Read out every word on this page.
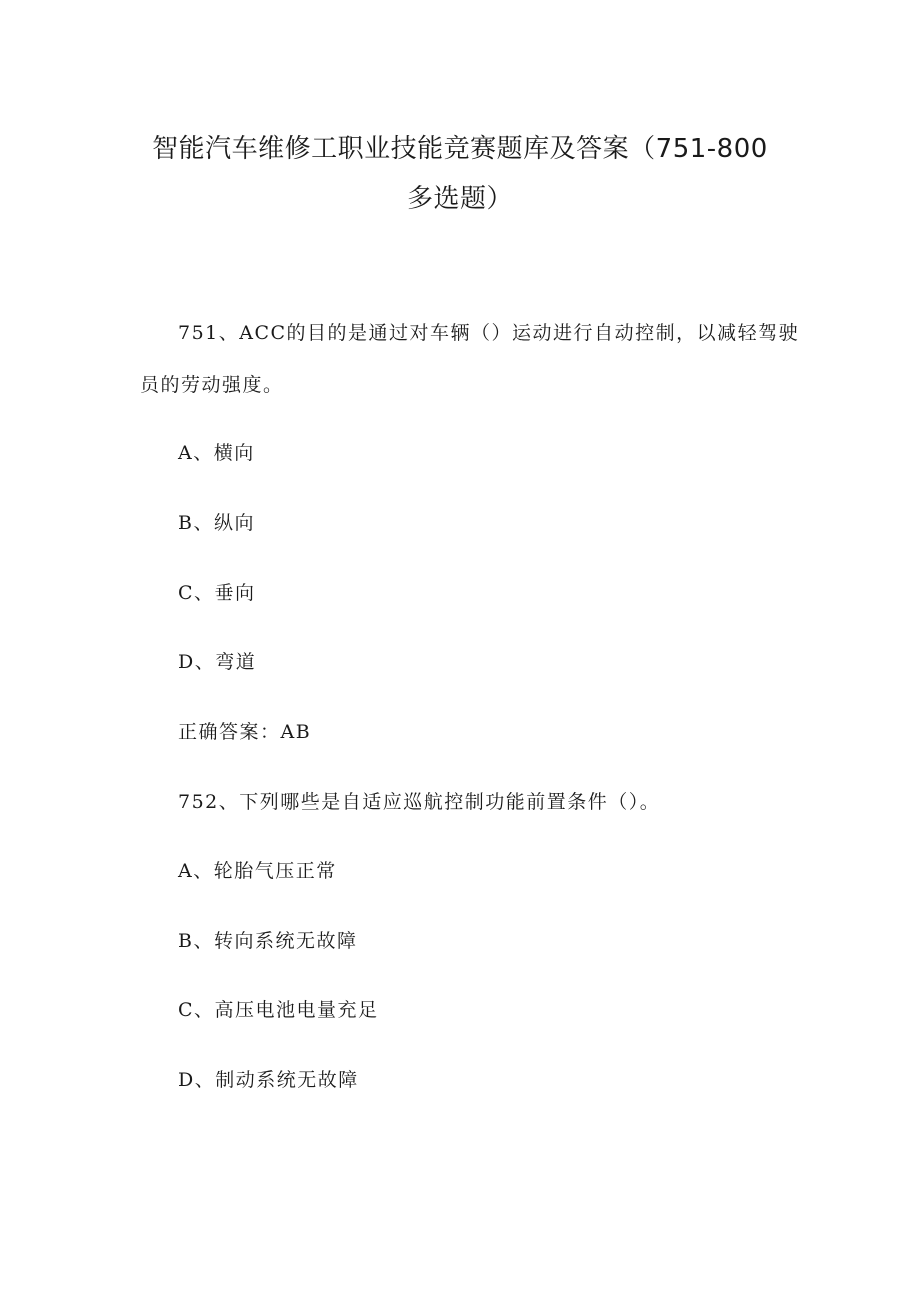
智能汽车维修工职业技能竞赛题库及答案（751-800
多选题）
751、ACC的目的是通过对车辆（）运动进行自动控制，以减轻驾驶
员的劳动强度。
A、横向
B、纵向
C、垂向
D、弯道
正确答案：AB
752、下列哪些是自适应巡航控制功能前置条件（）。
A、轮胎气压正常
B、转向系统无故障
C、高压电池电量充足
D、制动系统无故障
